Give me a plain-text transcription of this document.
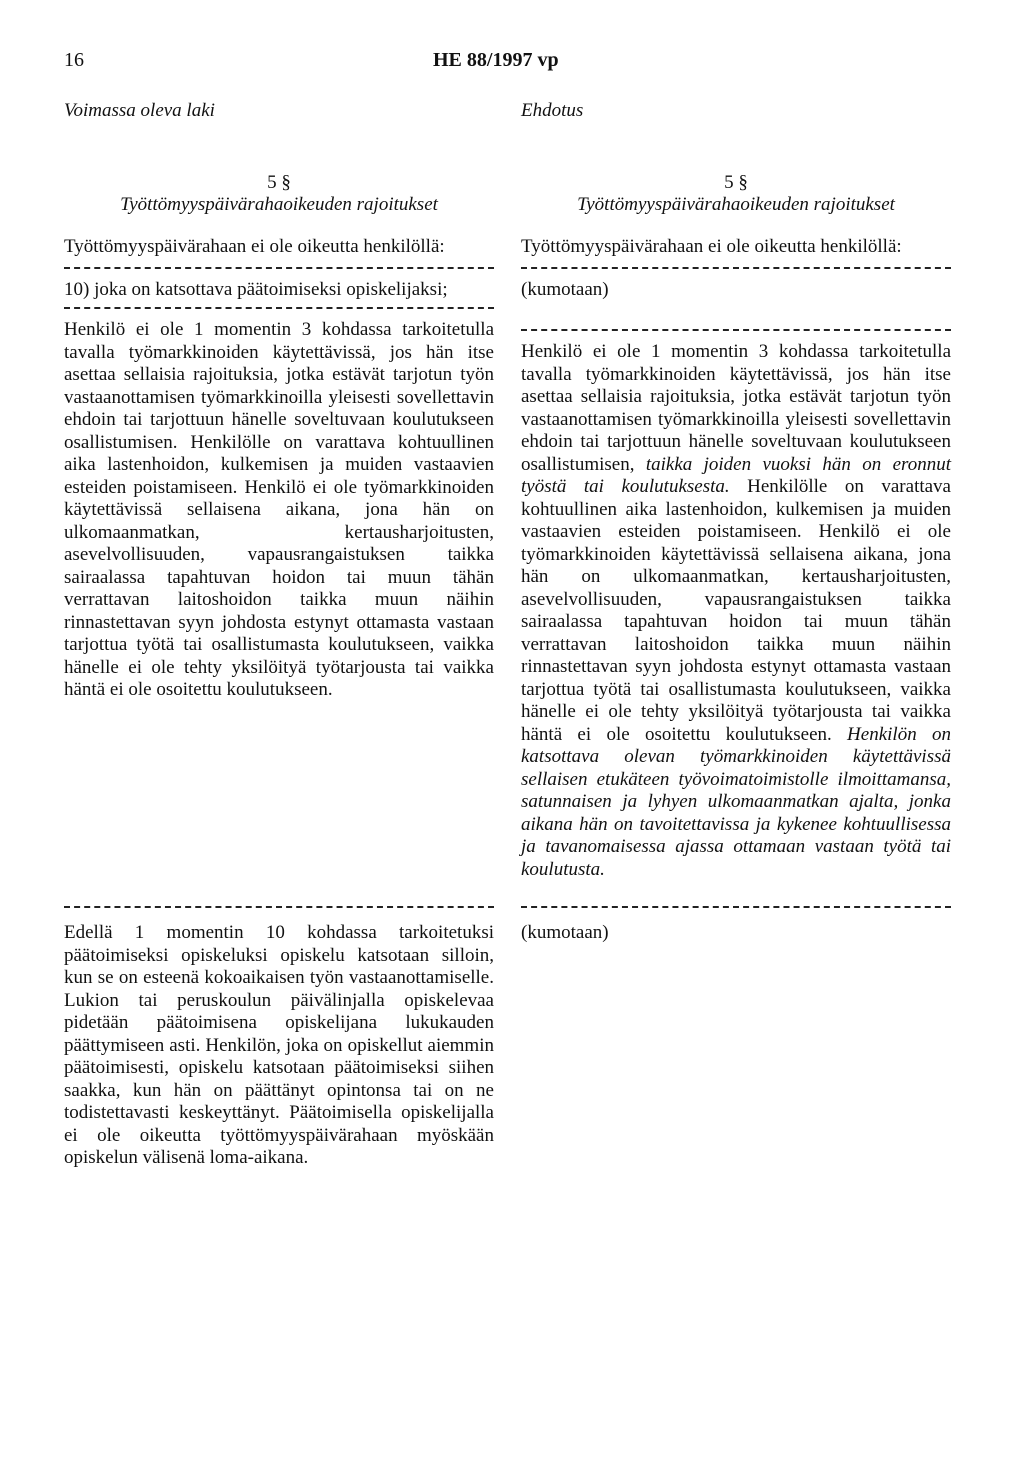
16	HE 88/1997 vp
Voimassa oleva laki	Ehdotus
5 §
Työttömyyspäivärahaoikeuden rajoitukset

Työttömyyspäivärahaan ei ole oikeutta henkilöllä:

10) joka on katsottava päätoimiseksi opiskelijaksi;

Henkilö ei ole 1 momentin 3 kohdassa tarkoitetulla tavalla työmarkkinoiden käytettävissä, jos hän itse asettaa sellaisia rajoituksia, jotka estävät tarjotun työn vastaanottamisen työmarkkinoilla yleisesti sovellettavin ehdoin tai tarjottuun hänelle soveltuvaan koulutukseen osallistumisen. Henkilölle on varattava kohtuullinen aika lastenhoidon, kulkemisen ja muiden vastaavien esteiden poistamiseen. Henkilö ei ole työmarkkinoiden käytettävissä sellaisena aikana, jona hän on ulkomaanmatkan, kertausharjoitusten, asevelvollisuuden, vapausrangaistuksen taikka sairaalassa tapahtuvan hoidon tai muun tähän verrattavan laitoshoidon taikka muun näihin rinnastettavan syyn johdosta estynyt ottamasta vastaan tarjottua työtä tai osallistumasta koulutukseen, vaikka hänelle ei ole tehty yksilöityä työtarjousta tai vaikka häntä ei ole osoitettu koulutukseen.

Edellä 1 momentin 10 kohdassa tarkoitetuksi päätoimiseksi opiskeluksi opiskelu katsotaan silloin, kun se on esteenä kokoaikaisen työn vastaanottamiselle. Lukion tai peruskoulun päivälinjalla opiskelevaa pidetään päätoimisena opiskelijana lukukauden päättymiseen asti. Henkilön, joka on opiskellut aiemmin päätoimisesti, opiskelu katsotaan päätoimiseksi siihen saakka, kun hän on päättänyt opintonsa tai on ne todistettavasti keskeyttänyt. Päätoimisella opiskelijalla ei ole oikeutta työttömyyspäivärahaan myöskään opiskelun välisenä loma-aikana.

5 §
Työttömyyspäivärahaoikeuden rajoitukset

Työttömyyspäivärahaan ei ole oikeutta henkilöllä:

(kumotaan)

Henkilö ei ole 1 momentin 3 kohdassa tarkoitetulla tavalla työmarkkinoiden käytettävissä, jos hän itse asettaa sellaisia rajoituksia, jotka estävät tarjotun työn vastaanottamisen työmarkkinoilla yleisesti sovellettavin ehdoin tai tarjottuun hänelle soveltuvaan koulutukseen osallistumisen, taikka joiden vuoksi hän on eronnut työstä tai koulutuksesta. Henkilölle on varattava kohtuullinen aika lastenhoidon, kulkemisen ja muiden vastaavien esteiden poistamiseen. Henkilö ei ole työmarkkinoiden käytettävissä sellaisena aikana, jona hän on ulkomaanmatkan, kertausharjoitusten, asevelvollisuuden, vapausrangaistuksen taikka sairaalassa tapahtuvan hoidon tai muun tähän verrattavan laitoshoidon taikka muun näihin rinnastettavan syyn johdosta estynyt ottamasta vastaan tarjottua työtä tai osallistumasta koulutukseen, vaikka hänelle ei ole tehty yksilöityä työtarjousta tai vaikka häntä ei ole osoitettu koulutukseen. Henkilön on katsottava olevan työmarkkinoiden käytettävissä sellaisen etukäteen työvoimatoimistolle ilmoittamansa, satunnaisen ja lyhyen ulkomaanmatkan ajalta, jonka aikana hän on tavoitettavissa ja kykenee kohtuullisessa ja tavanomaisessa ajassa ottamaan vastaan työtä tai koulutusta.

(kumotaan)
